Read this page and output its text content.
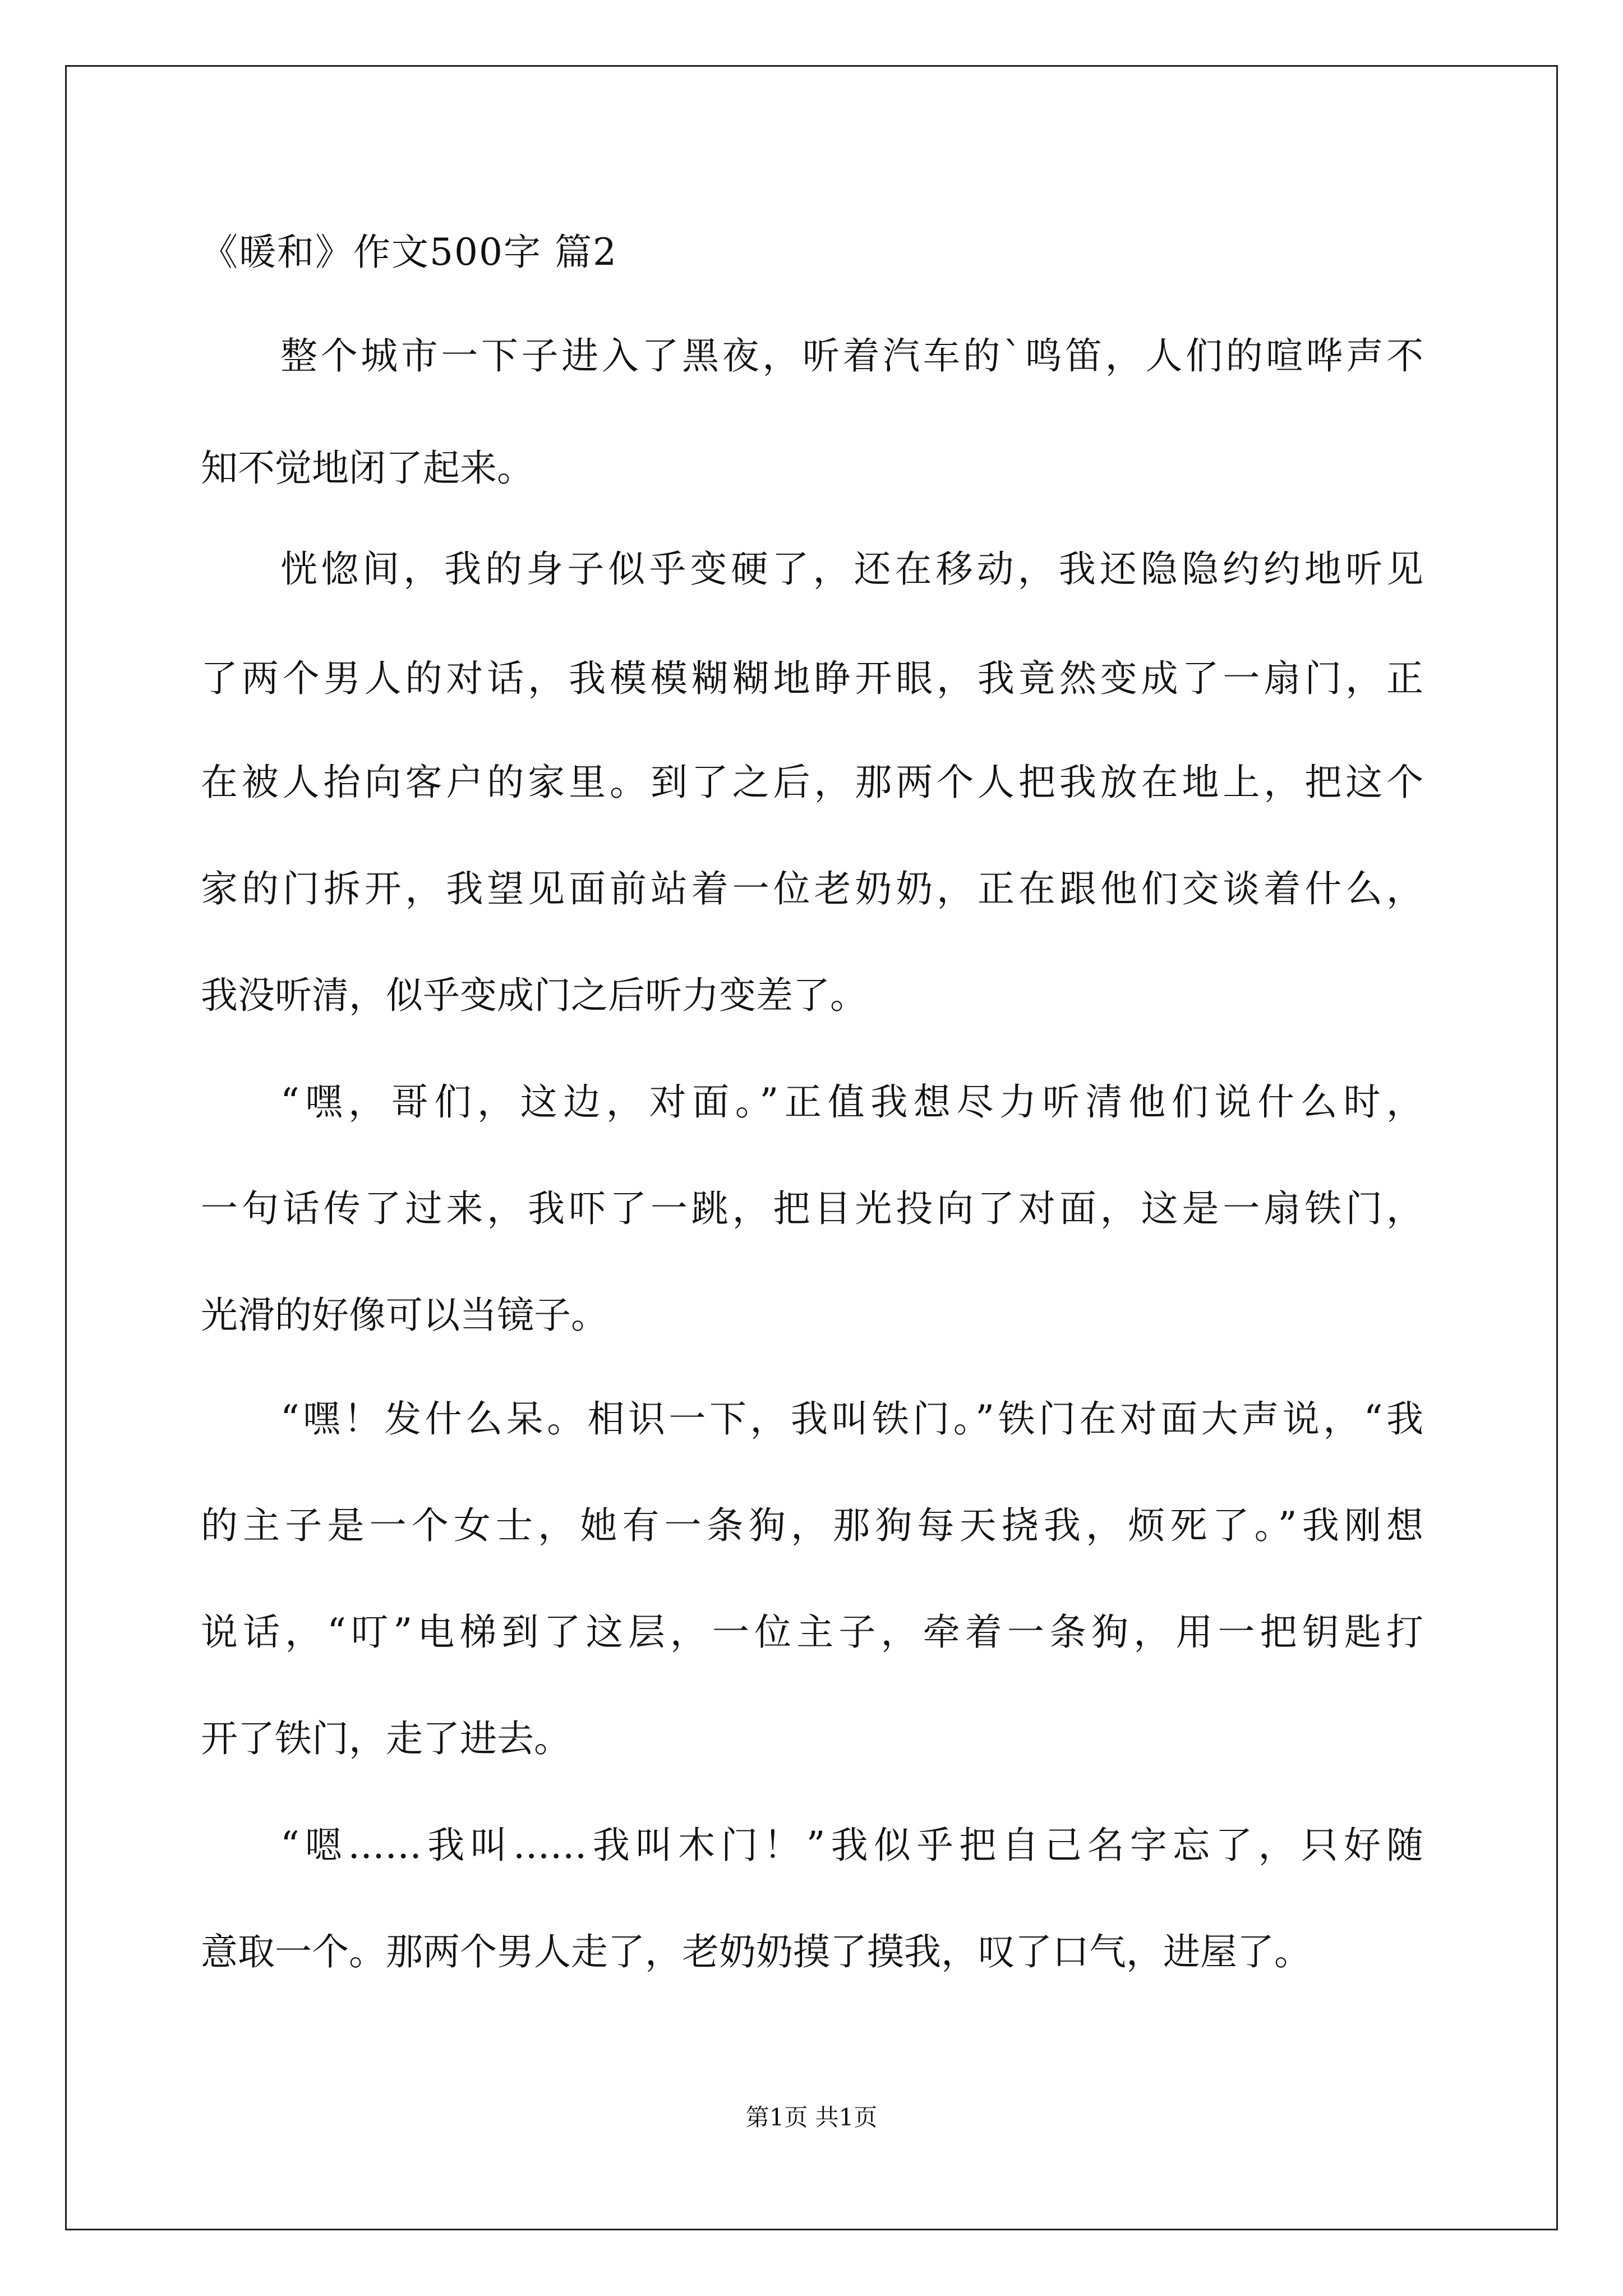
《暖和》作文500字 篇2
整个城市一下子进入了黑夜，听着汽车的`鸣笛，人们的喧哗声不
知不觉地闭了起来。
恍惚间，我的身子似乎变硬了，还在移动，我还隐隐约约地听见
了两个男人的对话，我模模糊糊地睁开眼，我竟然变成了一扇门，正
在被人抬向客户的家里。到了之后，那两个人把我放在地上，把这个
家的门拆开，我望见面前站着一位老奶奶，正在跟他们交谈着什么，
我没听清，似乎变成门之后听力变差了。
“嘿，哥们，这边，对面。”正值我想尽力听清他们说什么时，
一句话传了过来，我吓了一跳，把目光投向了对面，这是一扇铁门，
光滑的好像可以当镜子。
“嘿！发什么呆。相识一下，我叫铁门。”铁门在对面大声说，“我
的主子是一个女士，她有一条狗，那狗每天挠我，烦死了。”我刚想
说话，“叮”电梯到了这层，一位主子，牵着一条狗，用一把钥匙打
开了铁门，走了进去。
“嗯……我叫……我叫木门！”我似乎把自己名字忘了，只好随
意取一个。那两个男人走了，老奶奶摸了摸我，叹了口气，进屋了。
第1页 共1页
